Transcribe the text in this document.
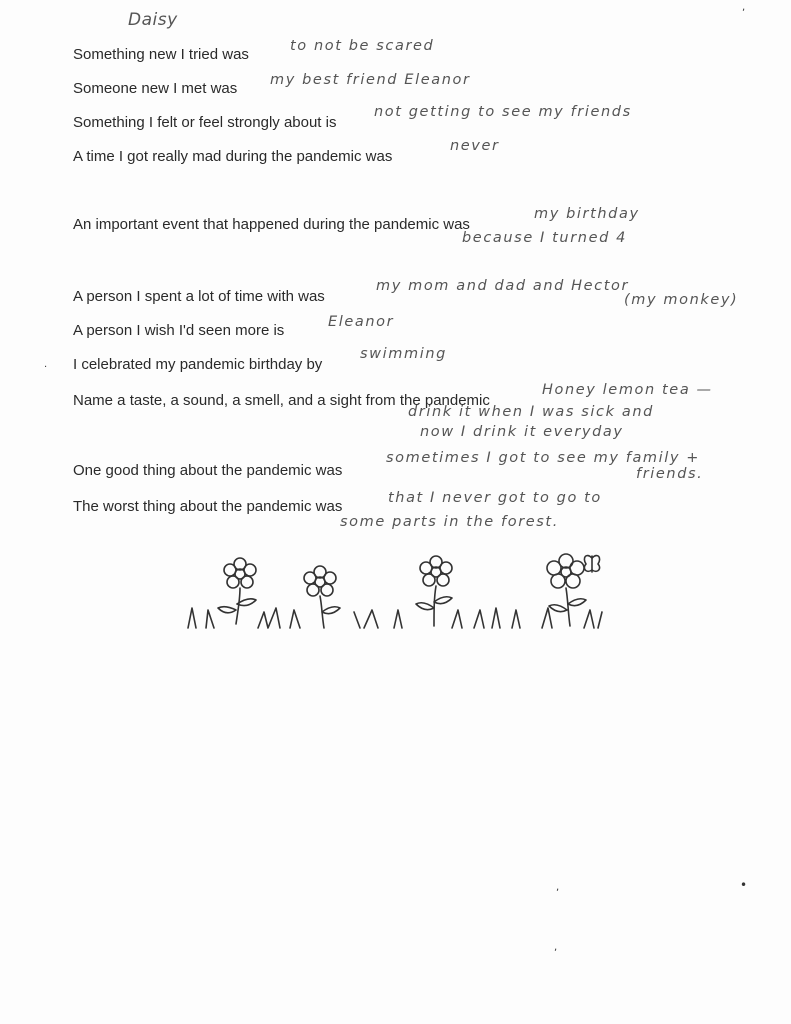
Daisy
Something new I tried was	to not be scared
Someone new I met was my best friend Eleanor
Something I felt or feel strongly about is
not getting to see my friends
A time I got really mad during the pandemic was
never
An important event that happened during the pandemic was
my birthday
because I turned 4
A person I spent a lot of time with was
my mom and dad and Hector
(my monkey)
A person I wish I'd seen more is	Eleanor
I celebrated my pandemic birthday by
swimming
Name a taste, a sound, a smell, and a sight from the pandemic
Honey lemon tea —
drink it when I was sick and
now I drink it everyday
One good thing about the pandemic was
sometimes I got to see my family +
friends.
The worst thing about the pandemic was	that I never got to go to
some parts in the forest.
,
·
,	•
,
